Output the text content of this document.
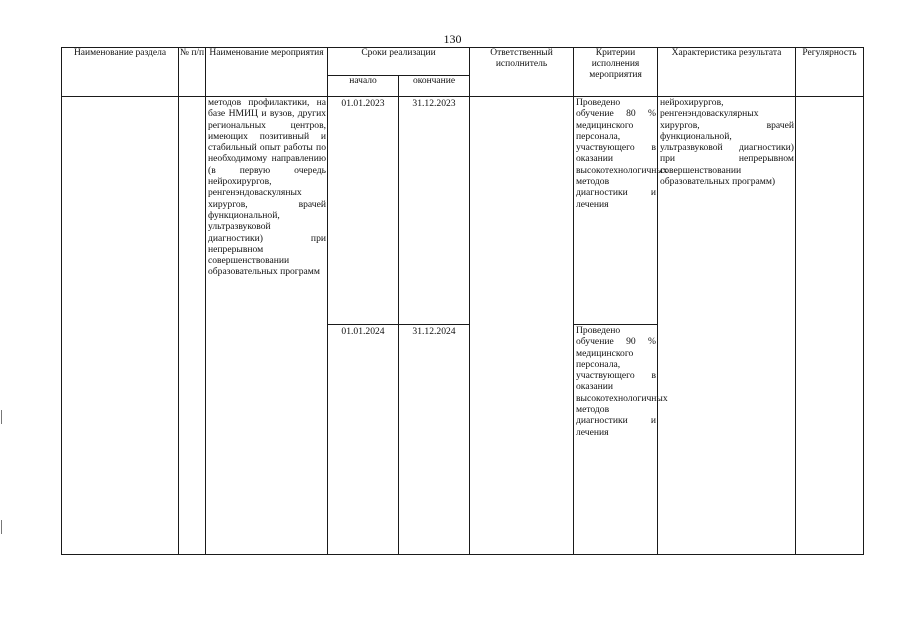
130
Наименование раздела	№ п/п	Наименование мероприятия	Сроки реализации		Ответственный исполнитель	Критерии исполнения мероприятия	Характеристика результата	Регулярность
			начало	окончание				

		методов профилактики, на базе НМИЦ и вузов, других региональных центров, имеющих позитивный и стабильный опыт работы по необходимому направлению (в первую очередь нейрохирургов, ренгенэндоваскуляных хирургов, врачей функциональной, ультразвуковой диагностики) при непрерывном совершенствовании образовательных программ	01.01.2023	31.12.2023		Проведено обучение 80 % медицинского персонала, участвующего в оказании высокотехнологичных методов диагностики и лечения	нейрохирургов, ренгенэндоваскулярных хирургов, врачей функциональной, ультразвуковой диагностики) при непрерывном совершенствовании образовательных программ)	

			01.01.2024	31.12.2024		Проведено обучение 90 % медицинского персонала, участвующего в оказании высокотехнологичных методов диагностики и лечения		
